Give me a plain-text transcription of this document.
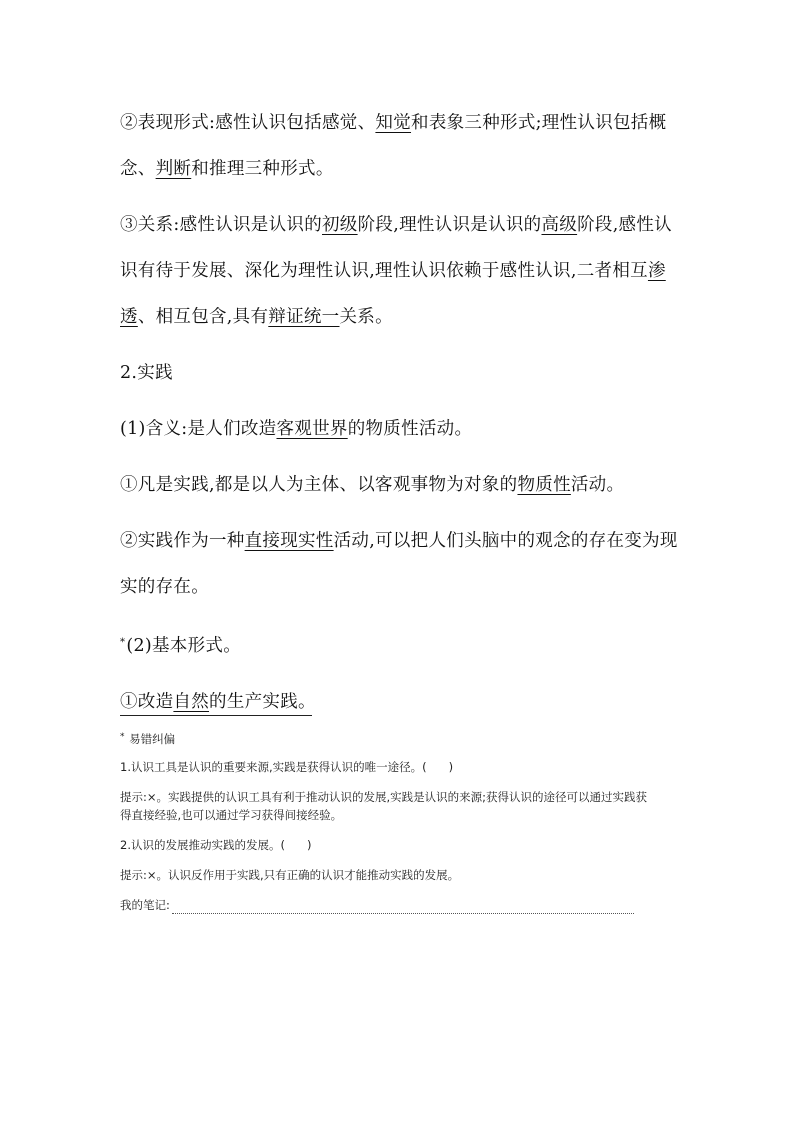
②表现形式:感性认识包括感觉、知觉和表象三种形式;理性认识包括概念、判断和推理三种形式。

③关系:感性认识是认识的初级阶段,理性认识是认识的高级阶段,感性认识有待于发展、深化为理性认识,理性认识依赖于感性认识,二者相互渗透、相互包含,具有辩证统一关系。

2.实践

(1)含义:是人们改造客观世界的物质性活动。

①凡是实践,都是以人为主体、以客观事物为对象的物质性活动。

②实践作为一种直接现实性活动,可以把人们头脑中的观念的存在变为现实的存在。

*(2)基本形式。

①改造自然的生产实践。

* 易错纠偏

1.认识工具是认识的重要来源,实践是获得认识的唯一途径。( )

提示:×。实践提供的认识工具有利于推动认识的发展,实践是认识的来源;获得认识的途径可以通过实践获得直接经验,也可以通过学习获得间接经验。

2.认识的发展推动实践的发展。( )

提示:×。认识反作用于实践,只有正确的认识才能推动实践的发展。

我的笔记:
